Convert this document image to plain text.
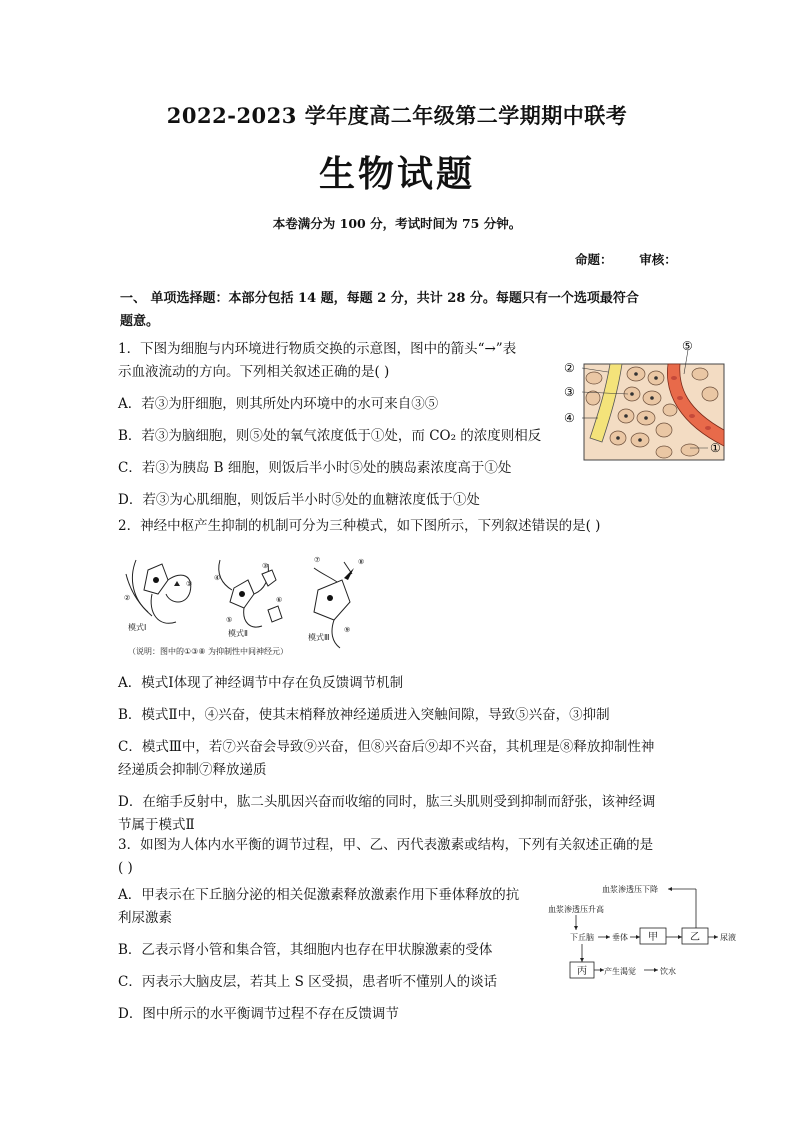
2022-2023 学年度高二年级第二学期期中联考
生物试题
本卷满分为 100 分，考试时间为 75 分钟。
命题： 审核：
一、 单项选择题：本部分包括 14 题，每题 2 分，共计 28 分。每题只有一个选项最符合
题意。
1．下图为细胞与内环境进行物质交换的示意图，图中的箭头“→”表
示血液流动的方向。下列相关叙述正确的是( )
A．若③为肝细胞，则其所处内环境中的水可来自③⑤
B．若③为脑细胞，则⑤处的氧气浓度低于①处，而 CO₂ 的浓度则相反
C．若③为胰岛 B 细胞，则饭后半小时⑤处的胰岛素浓度高于①处
D．若③为心肌细胞，则饭后半小时⑤处的血糖浓度低于①处
②
③
④
⑤
①
2．神经中枢产生抑制的机制可分为三种模式，如下图所示，下列叙述错误的是( )
①
②
③
④
⑤
⑥
⑦	⑧
⑨
模式Ⅰ
模式Ⅱ	模式Ⅲ
（说明：图中的①③⑧ 为抑制性中间神经元）
A．模式Ⅰ体现了神经调节中存在负反馈调节机制
B．模式Ⅱ中，④兴奋，使其末梢释放神经递质进入突触间隙，导致⑤兴奋，③抑制
C．模式Ⅲ中，若⑦兴奋会导致⑨兴奋，但⑧兴奋后⑨却不兴奋，其机理是⑧释放抑制性神
经递质会抑制⑦释放递质
D．在缩手反射中，肱二头肌因兴奋而收缩的同时，肱三头肌则受到抑制而舒张，该神经调
节属于模式Ⅱ
3．如图为人体内水平衡的调节过程，甲、乙、丙代表激素或结构，下列有关叙述正确的是
( )
A．甲表示在下丘脑分泌的相关促激素释放激素作用下垂体释放的抗
利尿激素
B．乙表示肾小管和集合管，其细胞内也存在甲状腺激素的受体
C．丙表示大脑皮层，若其上 S 区受损，患者听不懂别人的谈话
D．图中所示的水平衡调节过程不存在反馈调节
血浆渗透压下降
血浆渗透压升高
下丘脑 垂体	尿液
产生渴觉	饮水
甲	乙
丙
